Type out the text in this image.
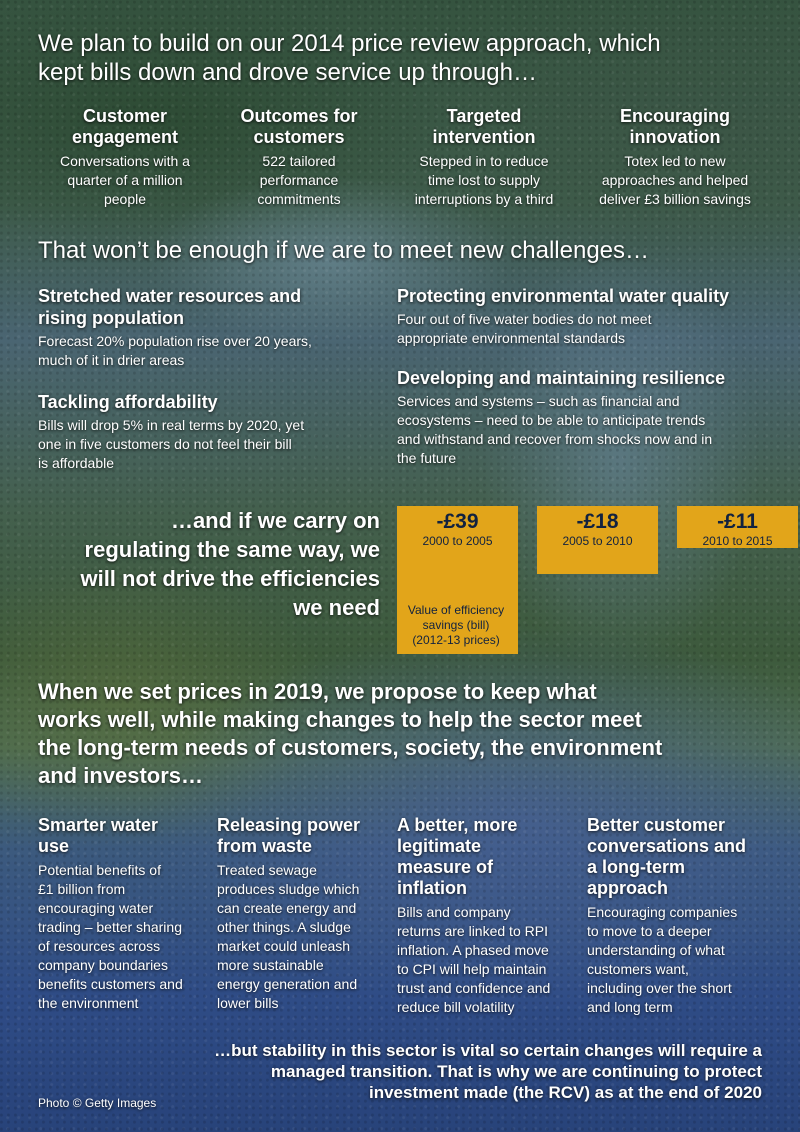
We plan to build on our 2014 price review approach, which
kept bills down and drove service up through…
Customer
engagement
Conversations with a
quarter of a million
people
Outcomes for
customers
522 tailored
performance
commitments
Targeted
intervention
Stepped in to reduce
time lost to supply
interruptions by a third
Encouraging
innovation
Totex led to new
approaches and helped
deliver £3 billion savings
That won’t be enough if we are to meet new challenges…
Stretched water resources and
rising population
Forecast 20% population rise over 20 years,
much of it in drier areas
Tackling affordability
Bills will drop 5% in real terms by 2020, yet
one in five customers do not feel their bill
is affordable
Protecting environmental water quality
Four out of five water bodies do not meet
appropriate environmental standards
Developing and maintaining resilience
Services and systems – such as financial and
ecosystems – need to be able to anticipate trends
and withstand and recover from shocks now and in
the future
…and if we carry on
regulating the same way, we
will not drive the efficiencies
we need
-£39
2000 to 2005
-£18
2005 to 2010
-£11
2010 to 2015
Value of efficiency
savings (bill)
(2012-13 prices)
When we set prices in 2019, we propose to keep what
works well, while making changes to help the sector meet
the long-term needs of customers, society, the environment
and investors…
Smarter water
use
Potential benefits of
£1 billion from
encouraging water
trading – better sharing
of resources across
company boundaries
benefits customers and
the environment
Releasing power
from waste
Treated sewage
produces sludge which
can create energy and
other things. A sludge
market could unleash
more sustainable
energy generation and
lower bills
A better, more
legitimate
measure of
inflation
Bills and company
returns are linked to RPI
inflation. A phased move
to CPI will help maintain
trust and confidence and
reduce bill volatility
Better customer
conversations and
a long-term
approach
Encouraging companies
to move to a deeper
understanding of what
customers want,
including over the short
and long term
…but stability in this sector is vital so certain changes will require a
managed transition. That is why we are continuing to protect
investment made (the RCV) as at the end of 2020
Photo © Getty Images
